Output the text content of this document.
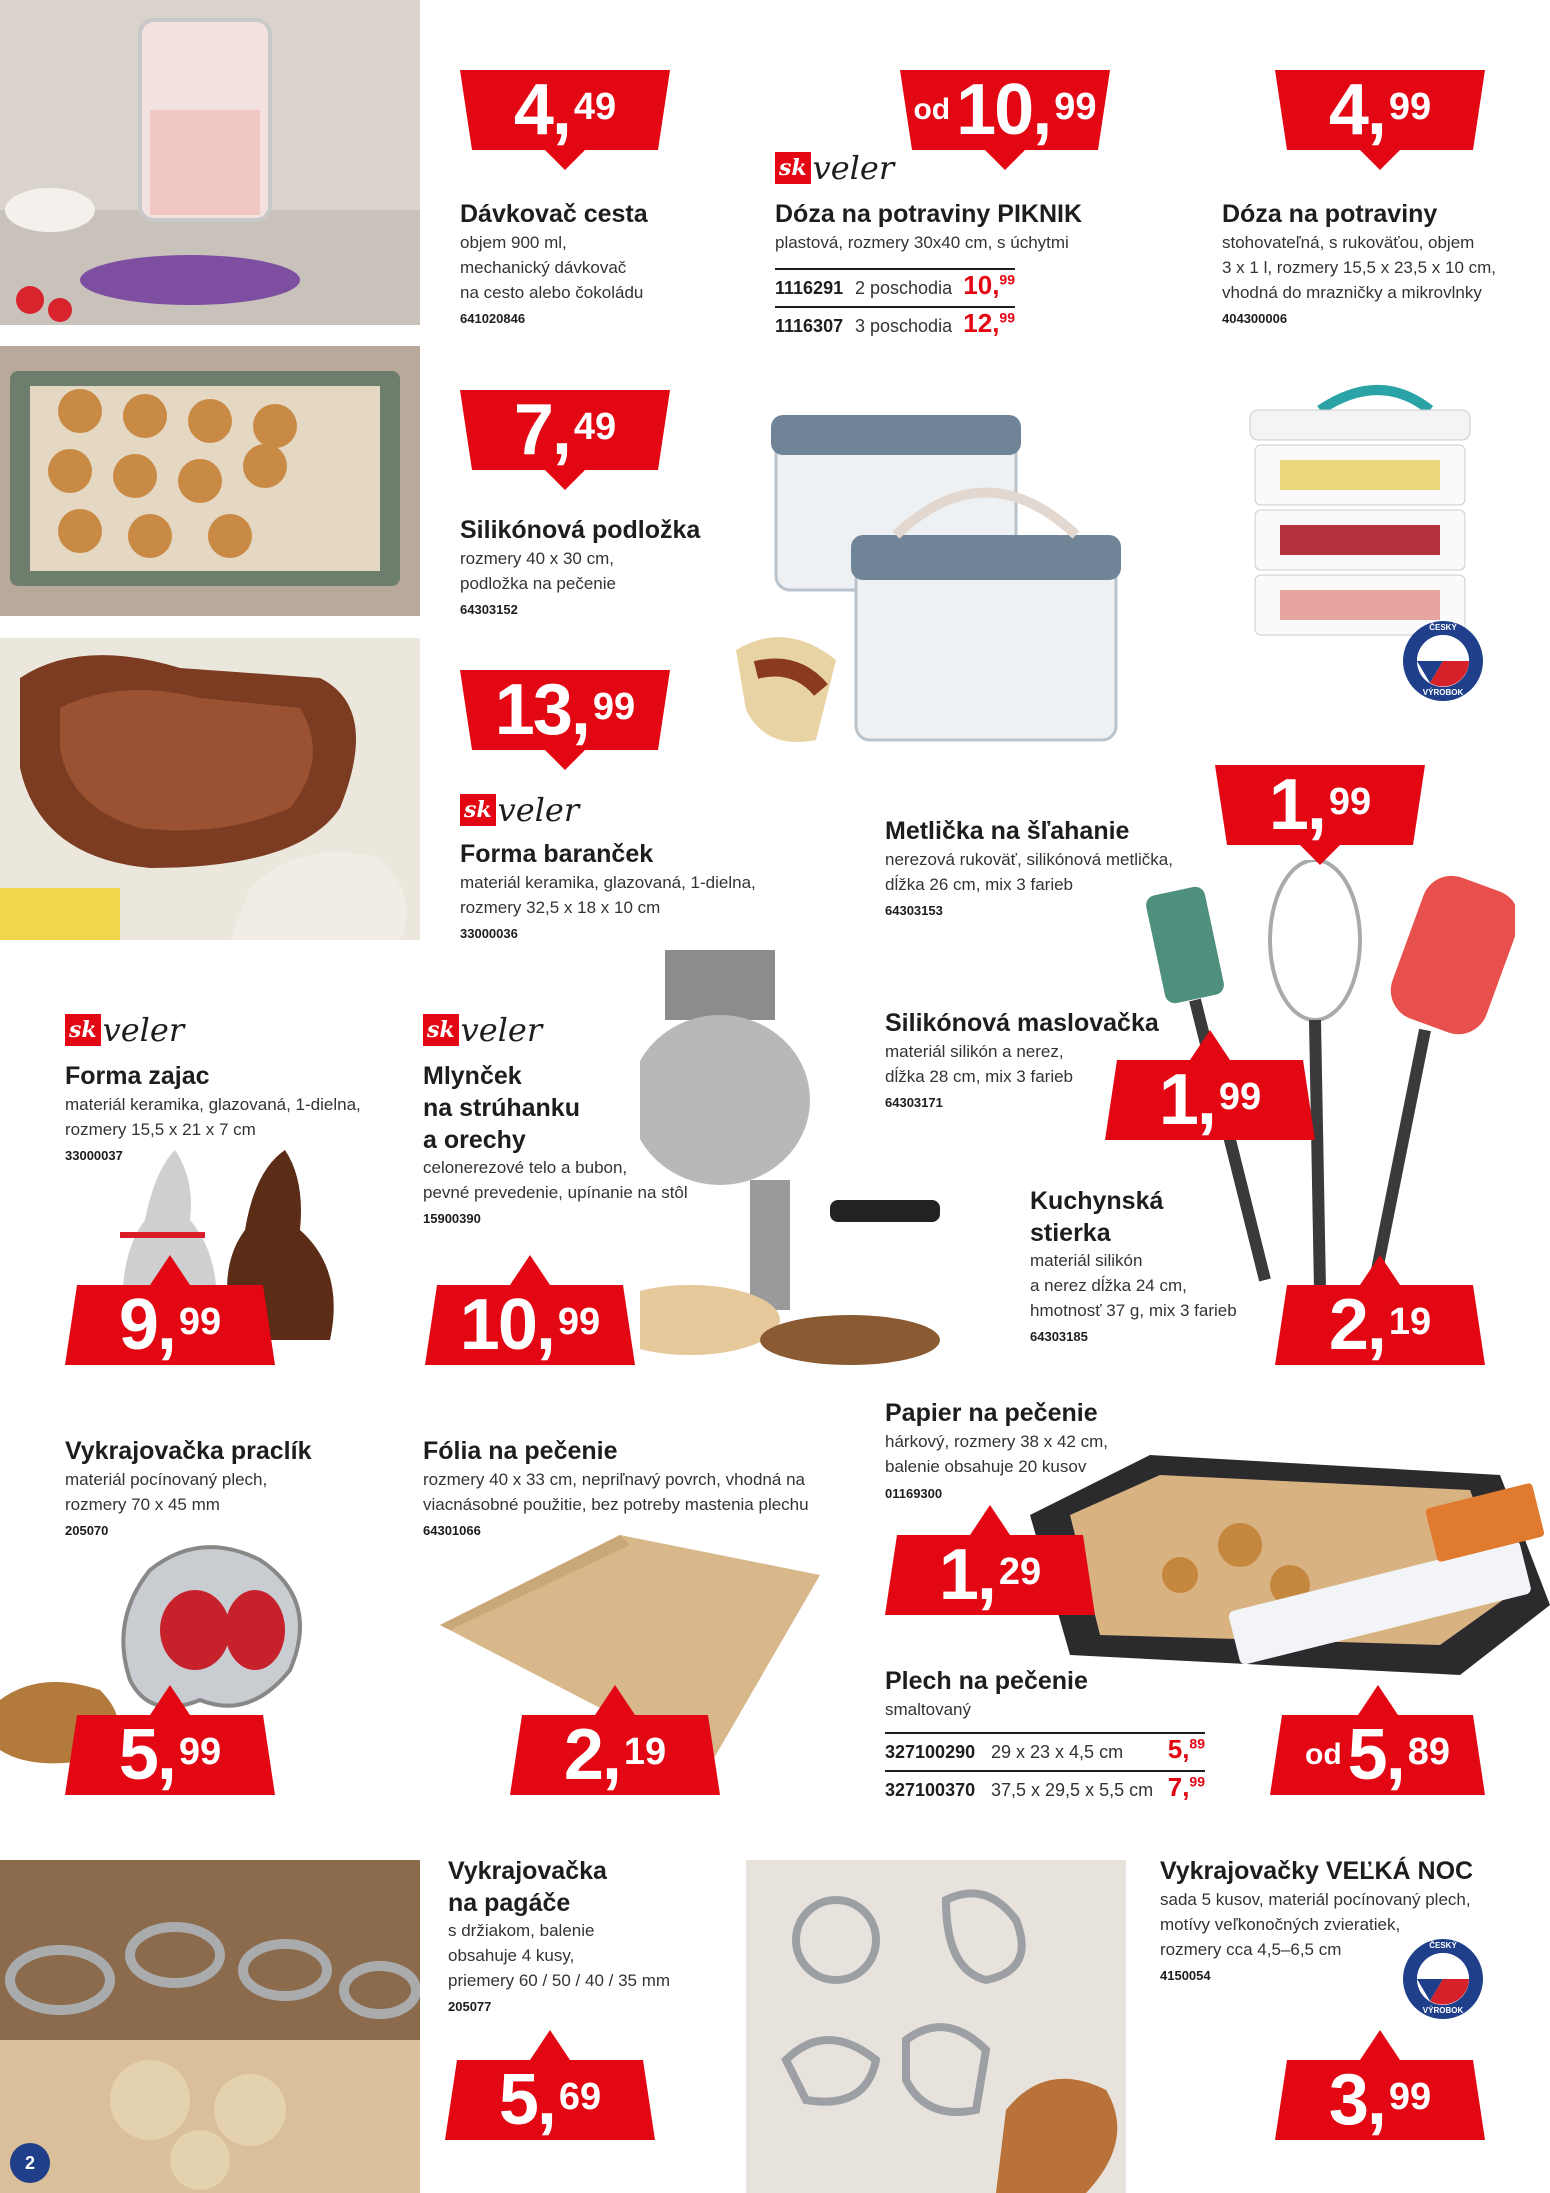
4 , 49	od 10 , 99	4 , 99
7 , 49
13 , 99
1 , 99
1 , 99
9 , 99	10 , 99	2 , 19
1 , 29
5 , 99	2 , 19	od 5 , 89
5 , 69	3 , 99
sk veler
sk veler
sk veler	sk veler
Dávkovač cesta
objem 900 ml,
mechanický dávkovač
na cesto alebo čokoládu
641020846
Dóza na potraviny PIKNIK
plastová, rozmery 30x40 cm, s úchytmi
1116291 2 poschodia 10,99
1116307 3 poschodia 12,99
Dóza na potraviny
stohovateľná, s rukoväťou, objem
3 x 1 l, rozmery 15,5 x 23,5 x 10 cm,
vhodná do mrazničky a mikrovlnky
404300006
Silikónová podložka
rozmery 40 x 30 cm,
podložka na pečenie
64303152
Forma baranček
materiál keramika, glazovaná, 1-dielna,
rozmery 32,5 x 18 x 10 cm
33000036
Metlička na šľahanie
nerezová rukoväť, silikónová metlička,
dĺžka 26 cm, mix 3 farieb
64303153
Forma zajac
materiál keramika, glazovaná, 1-dielna,
rozmery 15,5 x 21 x 7 cm
33000037
Mlynček
na strúhanku
a orechy
celonerezové telo a bubon,
pevné prevedenie, upínanie na stôl
15900390
Silikónová maslovačka
materiál silikón a nerez,
dĺžka 28 cm, mix 3 farieb
64303171
Kuchynská
stierka
materiál silikón
a nerez dĺžka 24 cm,
hmotnosť 37 g, mix 3 farieb
64303185
Vykrajovačka praclík
materiál pocínovaný plech,
rozmery 70 x 45 mm
205070
Fólia na pečenie
rozmery 40 x 33 cm, nepriľnavý povrch, vhodná na
viacnásobné použitie, bez potreby mastenia plechu
64301066
Papier na pečenie
hárkový, rozmery 38 x 42 cm,
balenie obsahuje 20 kusov
01169300
Plech na pečenie
smaltovaný
327100290 29 x 23 x 4,5 cm	5,89
327100370 37,5 x 29,5 x 5,5 cm 7,99
Vykrajovačka
na pagáče
s držiakom, balenie
obsahuje 4 kusy,
priemery 60 / 50 / 40 / 35 mm
205077
Vykrajovačky VEĽKÁ NOC
sada 5 kusov, materiál pocínovaný plech,
motívy veľkonočných zvieratiek,
rozmery cca 4,5–6,5 cm
4150054
ČESKÝ
VÝROBOK
ČESKÝ
VÝROBOK
2
